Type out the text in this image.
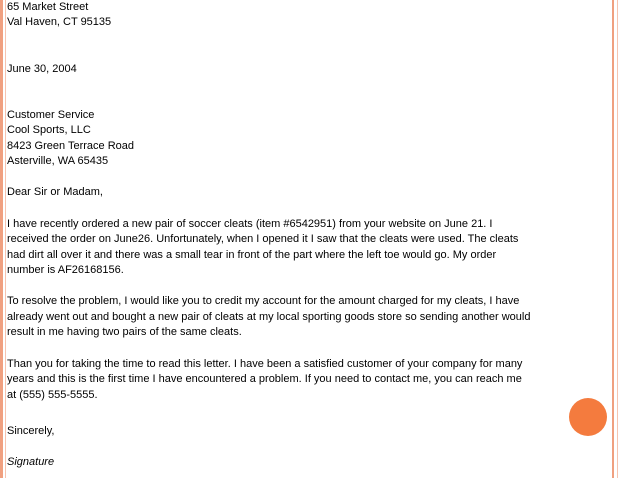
65 Market Street
Val Haven, CT 95135
June 30, 2004
Customer Service
Cool Sports, LLC
8423 Green Terrace Road
Asterville, WA 65435
Dear Sir or Madam,
I have recently ordered a new pair of soccer cleats (item #6542951) from your website on June 21. I
received the order on June26. Unfortunately, when I opened it I saw that the cleats were used. The cleats
had dirt all over it and there was a small tear in front of the part where the left toe would go. My order
number is AF26168156.
To resolve the problem, I would like you to credit my account for the amount charged for my cleats, I have
already went out and bought a new pair of cleats at my local sporting goods store so sending another would
result in me having two pairs of the same cleats.
Than you for taking the time to read this letter. I have been a satisfied customer of your company for many
years and this is the first time I have encountered a problem. If you need to contact me, you can reach me
at (555) 555-5555.
Sincerely,
Signature
